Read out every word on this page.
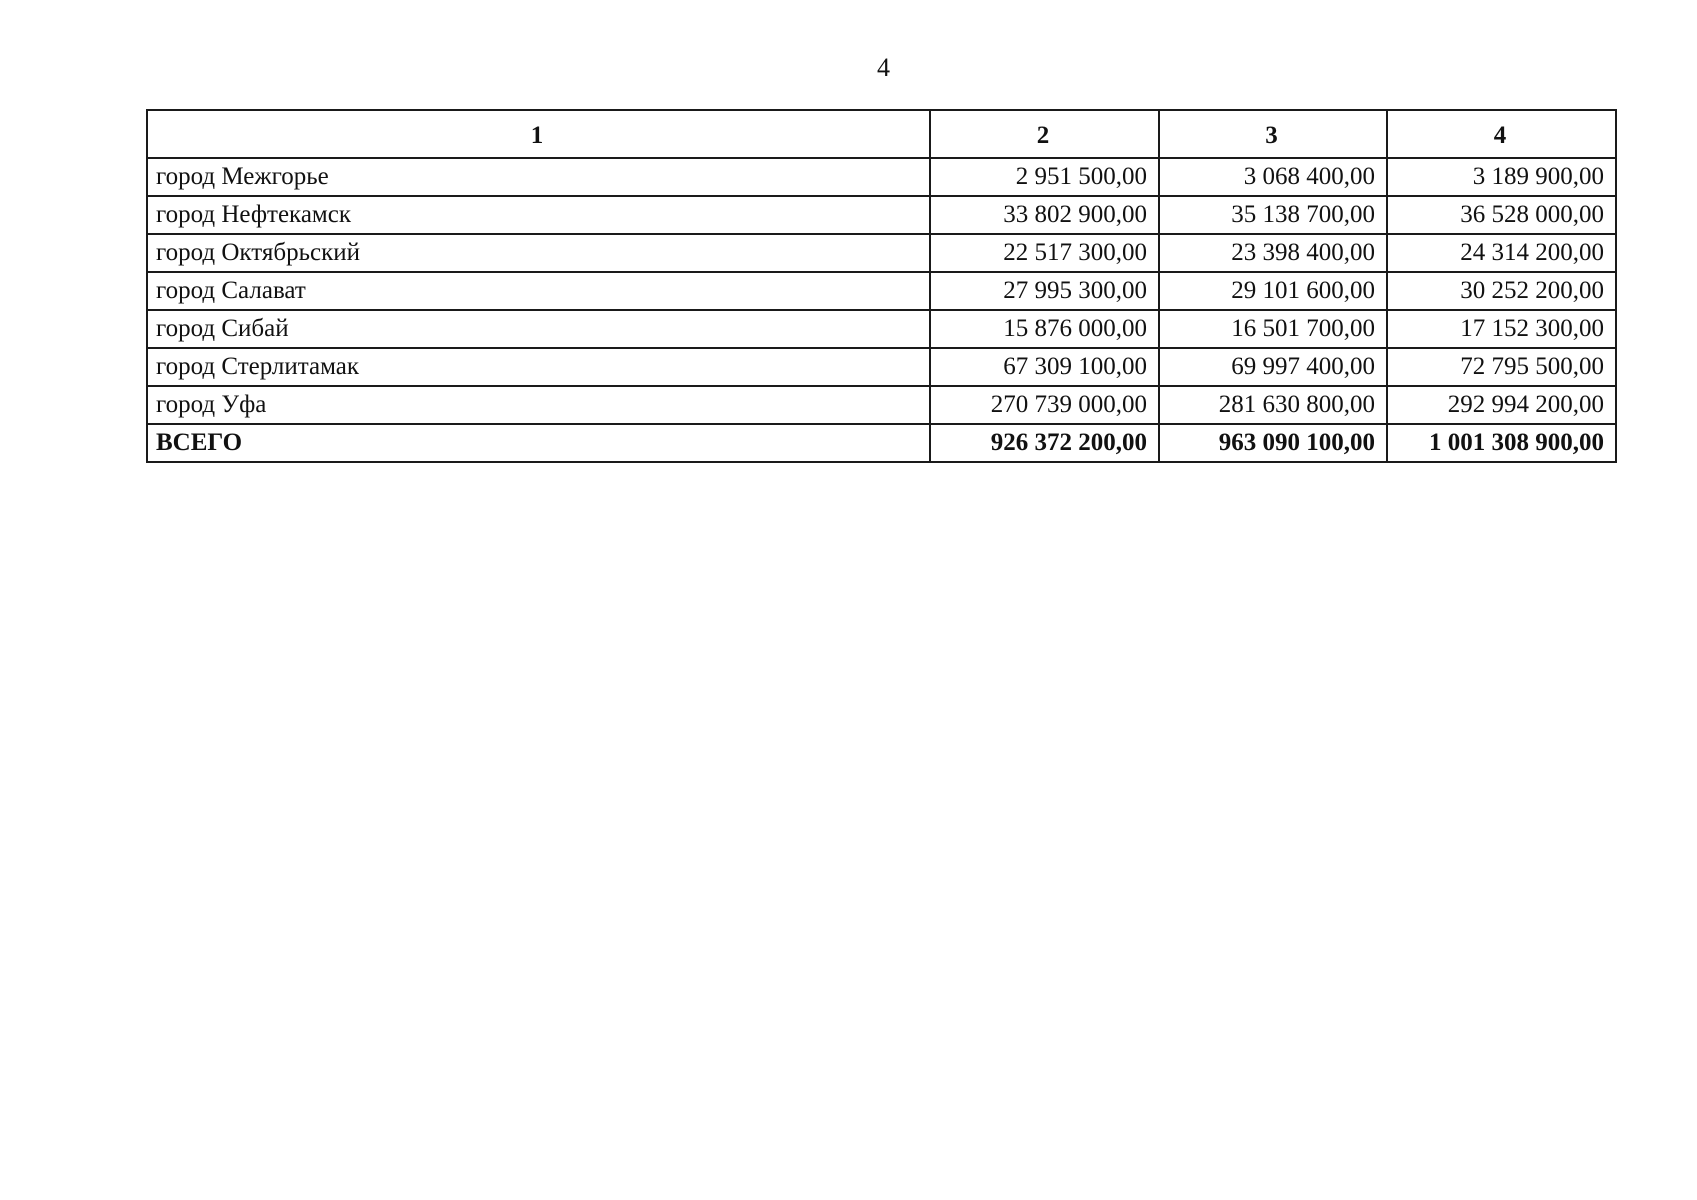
4
1	2	3	4
город Межгорье	2 951 500,00	3 068 400,00	3 189 900,00
город Нефтекамск	33 802 900,00	35 138 700,00	36 528 000,00
город Октябрьский	22 517 300,00	23 398 400,00	24 314 200,00
город Салават	27 995 300,00	29 101 600,00	30 252 200,00
город Сибай	15 876 000,00	16 501 700,00	17 152 300,00
город Стерлитамак	67 309 100,00	69 997 400,00	72 795 500,00
город Уфа	270 739 000,00	281 630 800,00	292 994 200,00
ВСЕГО	926 372 200,00	963 090 100,00	1 001 308 900,00
